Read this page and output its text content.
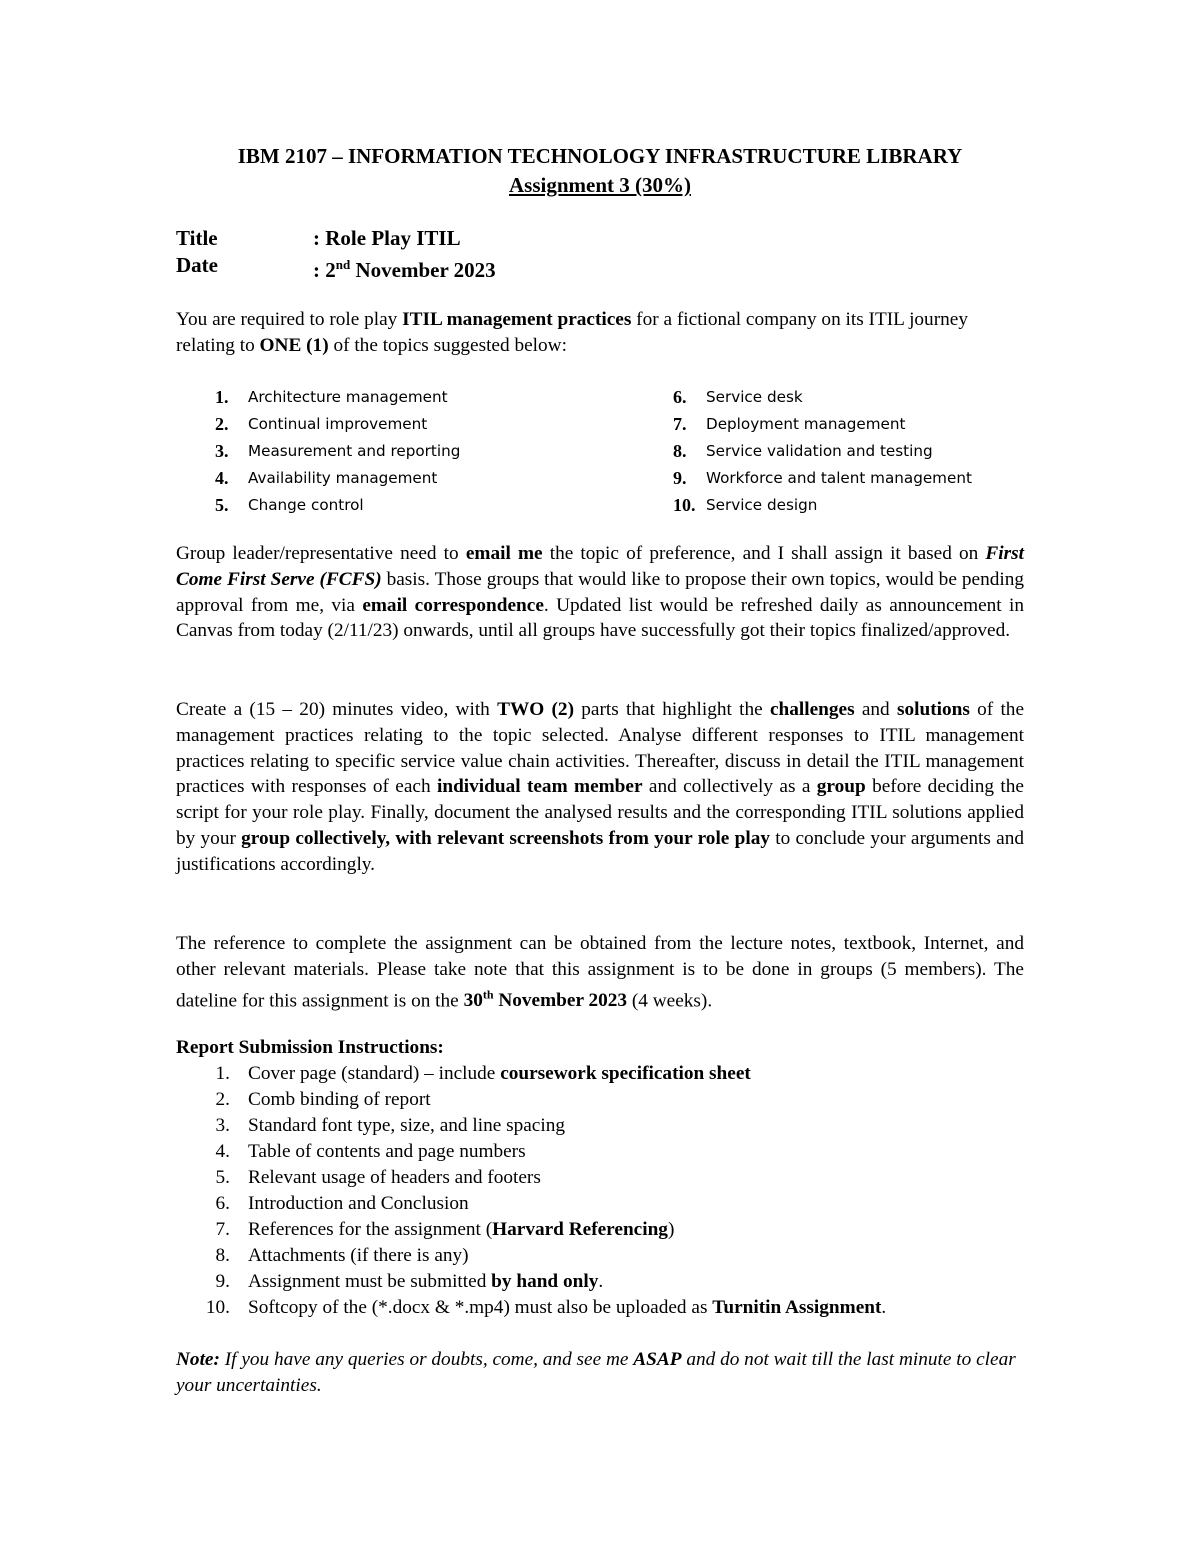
IBM 2107 – INFORMATION TECHNOLOGY INFRASTRUCTURE LIBRARY
Assignment 3 (30%)
Title	: Role Play ITIL
Date	: 2nd November 2023
You are required to role play ITIL management practices for a fictional company on its ITIL journey relating to ONE (1) of the topics suggested below:
1.	Architecture management
2.	Continual improvement
3.	Measurement and reporting
4.	Availability management
5.	Change control
6.	Service desk
7.	Deployment management
8.	Service validation and testing
9.	Workforce and talent management
10. Service design
Group leader/representative need to email me the topic of preference, and I shall assign it based on First Come First Serve (FCFS) basis. Those groups that would like to propose their own topics, would be pending approval from me, via email correspondence. Updated list would be refreshed daily as announcement in Canvas from today (2/11/23) onwards, until all groups have successfully got their topics finalized/approved.
Create a (15 – 20) minutes video, with TWO (2) parts that highlight the challenges and solutions of the management practices relating to the topic selected. Analyse different responses to ITIL management practices relating to specific service value chain activities. Thereafter, discuss in detail the ITIL management practices with responses of each individual team member and collectively as a group before deciding the script for your role play. Finally, document the analysed results and the corresponding ITIL solutions applied by your group collectively, with relevant screenshots from your role play to conclude your arguments and justifications accordingly.
The reference to complete the assignment can be obtained from the lecture notes, textbook, Internet, and other relevant materials. Please take note that this assignment is to be done in groups (5 members). The dateline for this assignment is on the 30th November 2023 (4 weeks).
Report Submission Instructions:
1. Cover page (standard) – include coursework specification sheet
2. Comb binding of report
3. Standard font type, size, and line spacing
4. Table of contents and page numbers
5. Relevant usage of headers and footers
6. Introduction and Conclusion
7. References for the assignment (Harvard Referencing)
8. Attachments (if there is any)
9. Assignment must be submitted by hand only.
10. Softcopy of the (*.docx & *.mp4) must also be uploaded as Turnitin Assignment.
Note: If you have any queries or doubts, come, and see me ASAP and do not wait till the last minute to clear your uncertainties.
